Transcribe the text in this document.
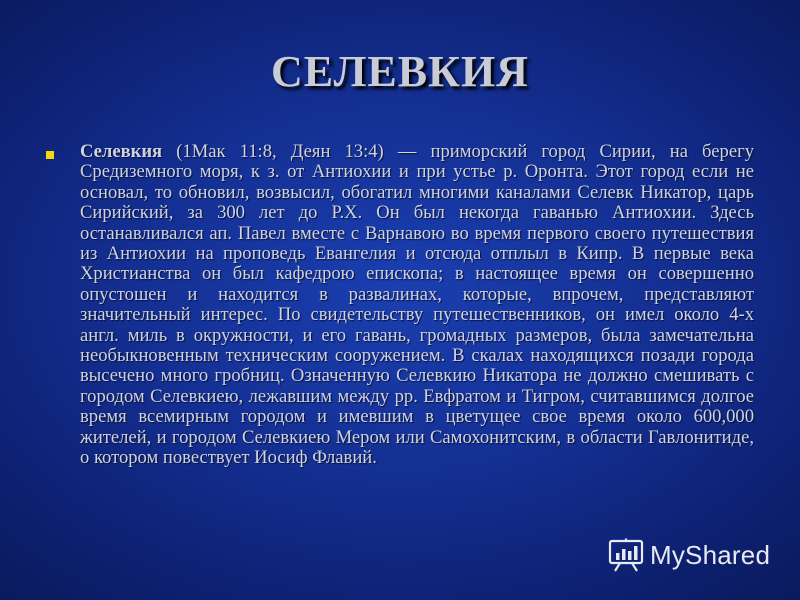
СЕЛЕВКИЯ

Селевкия (1Мак 11:8, Деян 13:4) — приморский город Сирии, на берегу Средиземного моря, к з. от Антиохии и при устье р. Оронта. Этот город если не основал, то обновил, возвысил, обогатил многими каналами Селевк Никатор, царь Сирийский, за 300 лет до Р.Х. Он был некогда гаванью Антиохии. Здесь останавливался ап. Павел вместе с Варнавою во время первого своего путешествия из Антиохии на проповедь Евангелия и отсюда отплыл в Кипр. В первые века Христианства он был кафедрою епископа; в настоящее время он совершенно опустошен и находится в развалинах, которые, впрочем, представляют значительный интерес. По свидетельству путешественников, он имел около 4-х англ. миль в окружности, и его гавань, громадных размеров, была замечательна необыкновенным техническим сооружением. В скалах находящихся позади города высечено много гробниц. Означенную Селевкию Никатора не должно смешивать с городом Селевкиею, лежавшим между рр. Евфратом и Тигром, считавшимся долгое время всемирным городом и имевшим в цветущее свое время около 600,000 жителей, и городом Селевкиею Мером или Самохонитским, в области Гавлонитиде, о котором повествует Иосиф Флавий.

MyShared
